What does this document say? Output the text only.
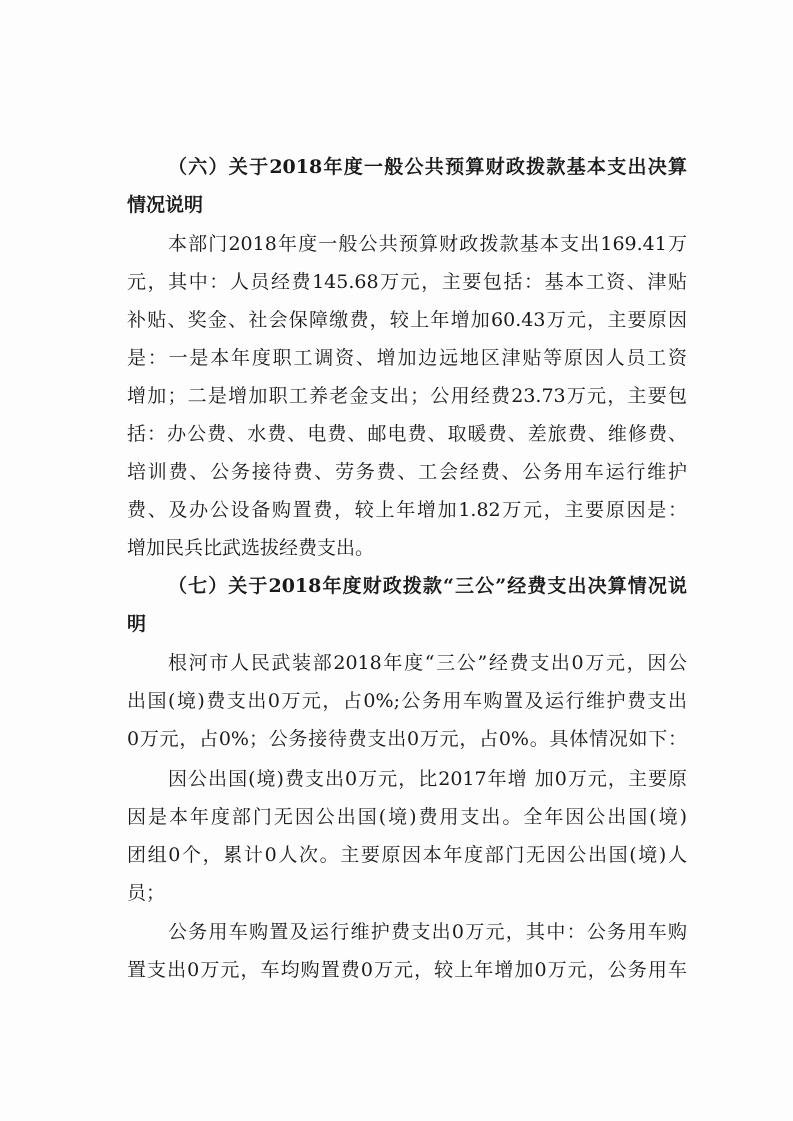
（六）关于2018年度一般公共预算财政拨款基本支出决算
情况说明
本部门2018年度一般公共预算财政拨款基本支出169.41万
元，其中：人员经费145.68万元，主要包括：基本工资、津贴
补贴、奖金、社会保障缴费，较上年增加60.43万元，主要原因
是：一是本年度职工调资、增加边远地区津贴等原因人员工资
增加；二是增加职工养老金支出；公用经费23.73万元，主要包
括：办公费、水费、电费、邮电费、取暖费、差旅费、维修费、
培训费、公务接待费、劳务费、工会经费、公务用车运行维护
费、及办公设备购置费，较上年增加1.82万元，主要原因是：
增加民兵比武选拔经费支出。
（七）关于2018年度财政拨款“三公”经费支出决算情况说
明
根河市人民武装部2018年度“三公”经费支出0万元，因公
出国(境)费支出0万元，占0%;公务用车购置及运行维护费支出
0万元，占0%；公务接待费支出0万元，占0%。具体情况如下：
因公出国(境)费支出0万元，比2017年增 加0万元，主要原
因是本年度部门无因公出国(境)费用支出。全年因公出国(境)
团组0个，累计0人次。主要原因本年度部门无因公出国(境)人
员；
公务用车购置及运行维护费支出0万元，其中：公务用车购
置支出0万元，车均购置费0万元，较上年增加0万元，公务用车
